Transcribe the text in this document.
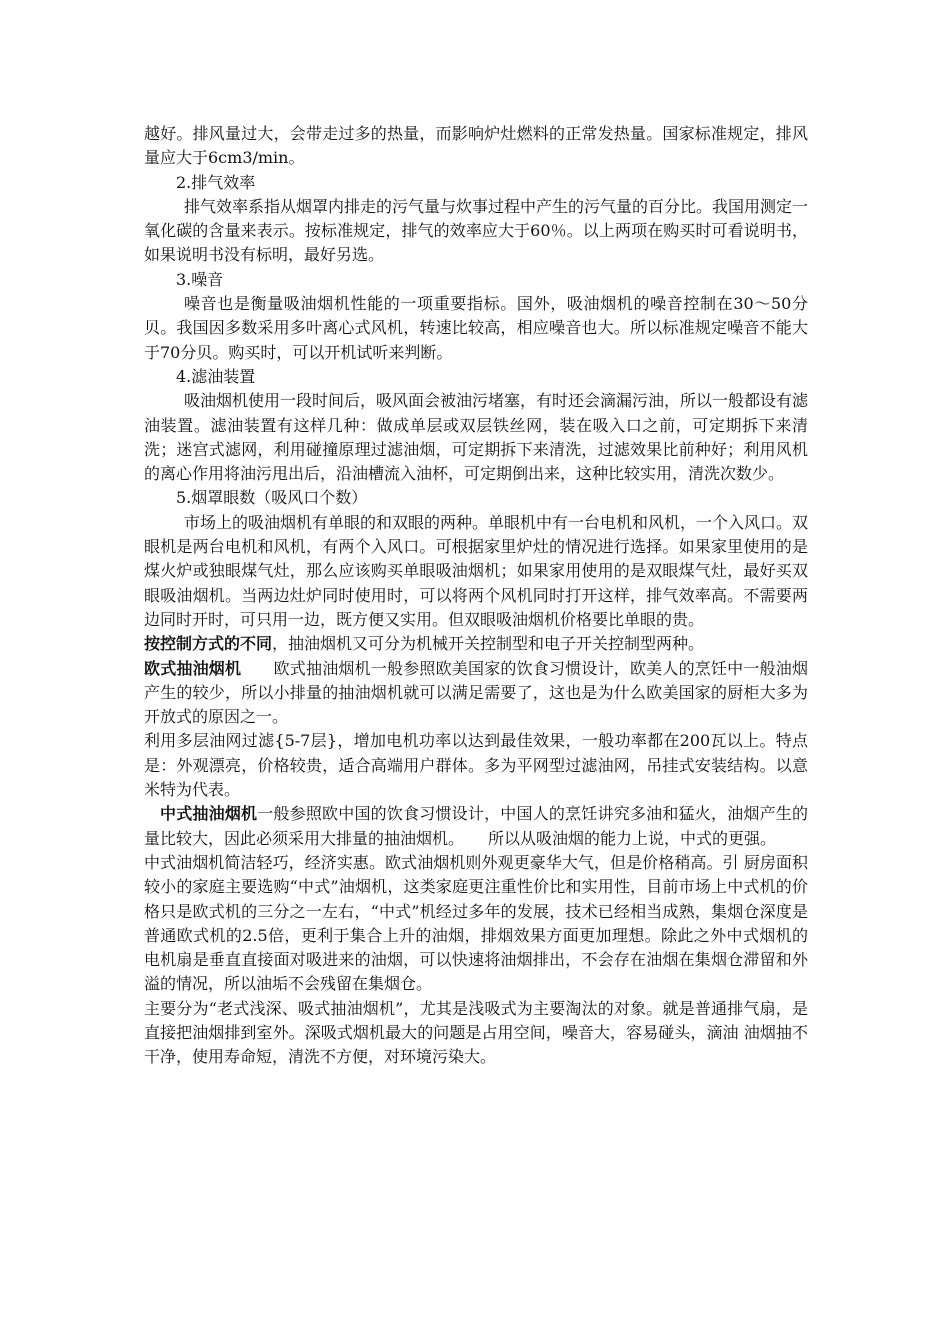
越好。排风量过大，会带走过多的热量，而影响炉灶燃料的正常发热量。国家标准规定，排风量应大于6cm3/min。

2.排气效率

排气效率系指从烟罩内排走的污气量与炊事过程中产生的污气量的百分比。我国用测定一氧化碳的含量来表示。按标准规定，排气的效率应大于60％。以上两项在购买时可看说明书，如果说明书没有标明，最好另选。

3.噪音

噪音也是衡量吸油烟机性能的一项重要指标。国外，吸油烟机的噪音控制在30～50分贝。我国因多数采用多叶离心式风机，转速比较高，相应噪音也大。所以标准规定噪音不能大于70分贝。购买时，可以开机试听来判断。

4.滤油装置

吸油烟机使用一段时间后，吸风面会被油污堵塞，有时还会滴漏污油，所以一般都设有滤油装置。滤油装置有这样几种：做成单层或双层铁丝网，装在吸入口之前，可定期拆下来清洗；迷宫式滤网，利用碰撞原理过滤油烟，可定期拆下来清洗，过滤效果比前种好；利用风机的离心作用将油污甩出后，沿油槽流入油杯，可定期倒出来，这种比较实用，清洗次数少。

5.烟罩眼数（吸风口个数）

市场上的吸油烟机有单眼的和双眼的两种。单眼机中有一台电机和风机，一个入风口。双眼机是两台电机和风机，有两个入风口。可根据家里炉灶的情况进行选择。如果家里使用的是煤火炉或独眼煤气灶，那么应该购买单眼吸油烟机；如果家用使用的是双眼煤气灶，最好买双眼吸油烟机。当两边灶炉同时使用时，可以将两个风机同时打开这样，排气效率高。不需要两边同时开时，可只用一边，既方便又实用。但双眼吸油烟机价格要比单眼的贵。

按控制方式的不同，抽油烟机又可分为机械开关控制型和电子开关控制型两种。

欧式抽油烟机　　欧式抽油烟机一般参照欧美国家的饮食习惯设计，欧美人的烹饪中一般油烟产生的较少，所以小排量的抽油烟机就可以满足需要了，这也是为什么欧美国家的厨柜大多为开放式的原因之一。

利用多层油网过滤{5-7层}，增加电机功率以达到最佳效果，一般功率都在200瓦以上。特点是：外观漂亮，价格较贵，适合高端用户群体。多为平网型过滤油网，吊挂式安装结构。以意米特为代表。

中式抽油烟机一般参照欧中国的饮食习惯设计，中国人的烹饪讲究多油和猛火，油烟产生的量比较大，因此必须采用大排量的抽油烟机。　　所以从吸油烟的能力上说，中式的更强。

中式油烟机简洁轻巧，经济实惠。欧式油烟机则外观更豪华大气，但是价格稍高。引 厨房面积较小的家庭主要选购“中式”油烟机，这类家庭更注重性价比和实用性，目前市场上中式机的价格只是欧式机的三分之一左右，“中式”机经过多年的发展，技术已经相当成熟，集烟仓深度是普通欧式机的2.5倍，更利于集合上升的油烟，排烟效果方面更加理想。除此之外中式烟机的电机扇是垂直直接面对吸进来的油烟，可以快速将油烟排出，不会存在油烟在集烟仓滞留和外溢的情况，所以油垢不会残留在集烟仓。

主要分为“老式浅深、吸式抽油烟机”，尤其是浅吸式为主要淘汰的对象。就是普通排气扇，是直接把油烟排到室外。深吸式烟机最大的问题是占用空间，噪音大，容易碰头，滴油 油烟抽不干净，使用寿命短，清洗不方便，对环境污染大。
